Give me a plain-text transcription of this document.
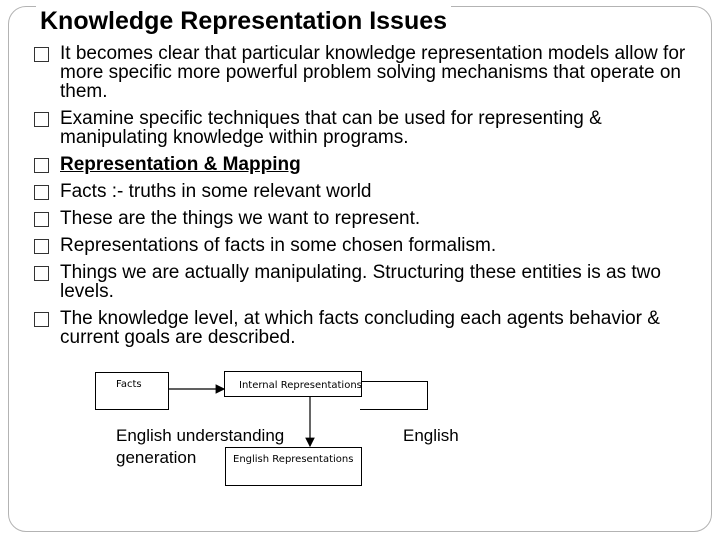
Knowledge Representation Issues
It becomes clear that particular knowledge representation models allow for more specific more powerful problem solving mechanisms that operate on them.
Examine specific techniques that can be used for representing & manipulating knowledge within programs.
Representation & Mapping
Facts :- truths in some relevant world
These are the things we want to represent.
Representations of facts in some chosen formalism.
Things we are actually manipulating. Structuring these entities is as two levels.
The knowledge level, at which facts concluding each agents behavior & current goals are described.
Facts	Internal Representations
English Representations
English understanding
generation
English
